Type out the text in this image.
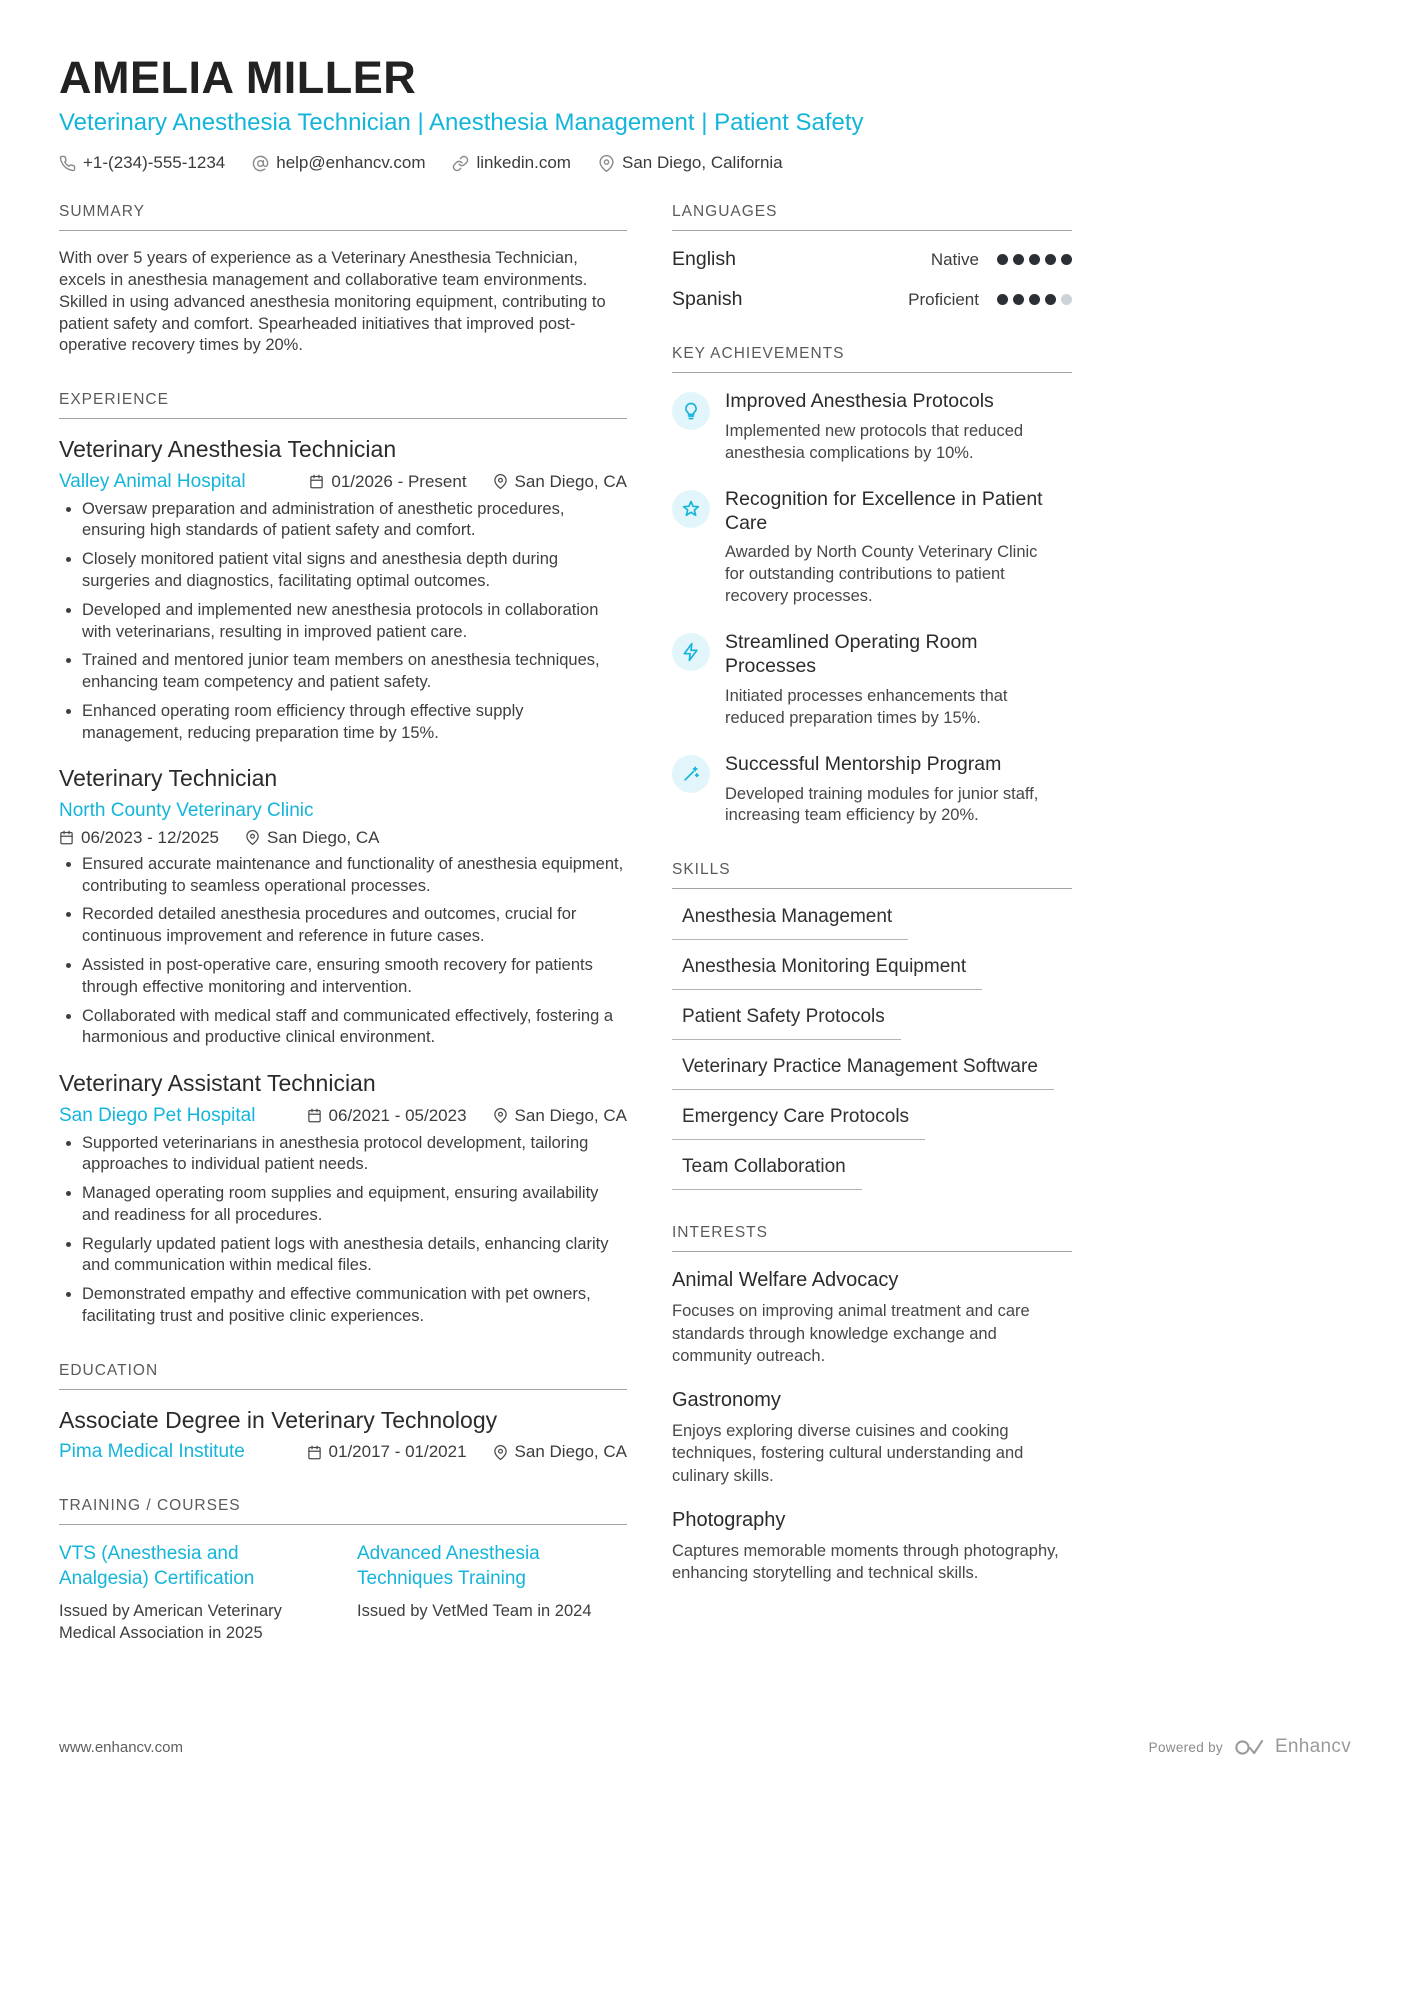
AMELIA MILLER
Veterinary Anesthesia Technician | Anesthesia Management | Patient Safety
+1-(234)-555-1234	help@enhancv.com	linkedin.com	San Diego, California
SUMMARY

With over 5 years of experience as a Veterinary Anesthesia Technician, excels in anesthesia management and collaborative team environments. Skilled in using advanced anesthesia monitoring equipment, contributing to patient safety and comfort. Spearheaded initiatives that improved post-operative recovery times by 20%.

EXPERIENCE
Veterinary Anesthesia Technician
Valley Animal Hospital	01/2026 - Present	San Diego, CA
• Oversaw preparation and administration of anesthetic procedures, ensuring high standards of patient safety and comfort.
• Closely monitored patient vital signs and anesthesia depth during surgeries and diagnostics, facilitating optimal outcomes.
• Developed and implemented new anesthesia protocols in collaboration with veterinarians, resulting in improved patient care.
• Trained and mentored junior team members on anesthesia techniques, enhancing team competency and patient safety.
• Enhanced operating room efficiency through effective supply management, reducing preparation time by 15%.
Veterinary Technician
North County Veterinary Clinic
06/2023 - 12/2025	San Diego, CA
• Ensured accurate maintenance and functionality of anesthesia equipment, contributing to seamless operational processes.
• Recorded detailed anesthesia procedures and outcomes, crucial for continuous improvement and reference in future cases.
• Assisted in post-operative care, ensuring smooth recovery for patients through effective monitoring and intervention.
• Collaborated with medical staff and communicated effectively, fostering a harmonious and productive clinical environment.
Veterinary Assistant Technician
San Diego Pet Hospital	06/2021 - 05/2023	San Diego, CA
• Supported veterinarians in anesthesia protocol development, tailoring approaches to individual patient needs.
• Managed operating room supplies and equipment, ensuring availability and readiness for all procedures.
• Regularly updated patient logs with anesthesia details, enhancing clarity and communication within medical files.
• Demonstrated empathy and effective communication with pet owners, facilitating trust and positive clinic experiences.
EDUCATION
Associate Degree in Veterinary Technology
Pima Medical Institute	01/2017 - 01/2021	San Diego, CA
TRAINING / COURSES
VTS (Anesthesia and Analgesia) Certification
Issued by American Veterinary Medical Association in 2025
Advanced Anesthesia Techniques Training
Issued by VetMed Team in 2024
LANGUAGES
English	Native
Spanish	Proficient
KEY ACHIEVEMENTS
Improved Anesthesia Protocols
Implemented new protocols that reduced anesthesia complications by 10%.
Recognition for Excellence in Patient Care
Awarded by North County Veterinary Clinic for outstanding contributions to patient recovery processes.
Streamlined Operating Room Processes
Initiated processes enhancements that reduced preparation times by 15%.
Successful Mentorship Program
Developed training modules for junior staff, increasing team efficiency by 20%.
SKILLS
Anesthesia Management
Anesthesia Monitoring Equipment
Patient Safety Protocols
Veterinary Practice Management Software
Emergency Care Protocols
Team Collaboration
INTERESTS
Animal Welfare Advocacy
Focuses on improving animal treatment and care standards through knowledge exchange and community outreach.
Gastronomy
Enjoys exploring diverse cuisines and cooking techniques, fostering cultural understanding and culinary skills.
Photography
Captures memorable moments through photography, enhancing storytelling and technical skills.
www.enhancv.com	Powered by	Enhancv
